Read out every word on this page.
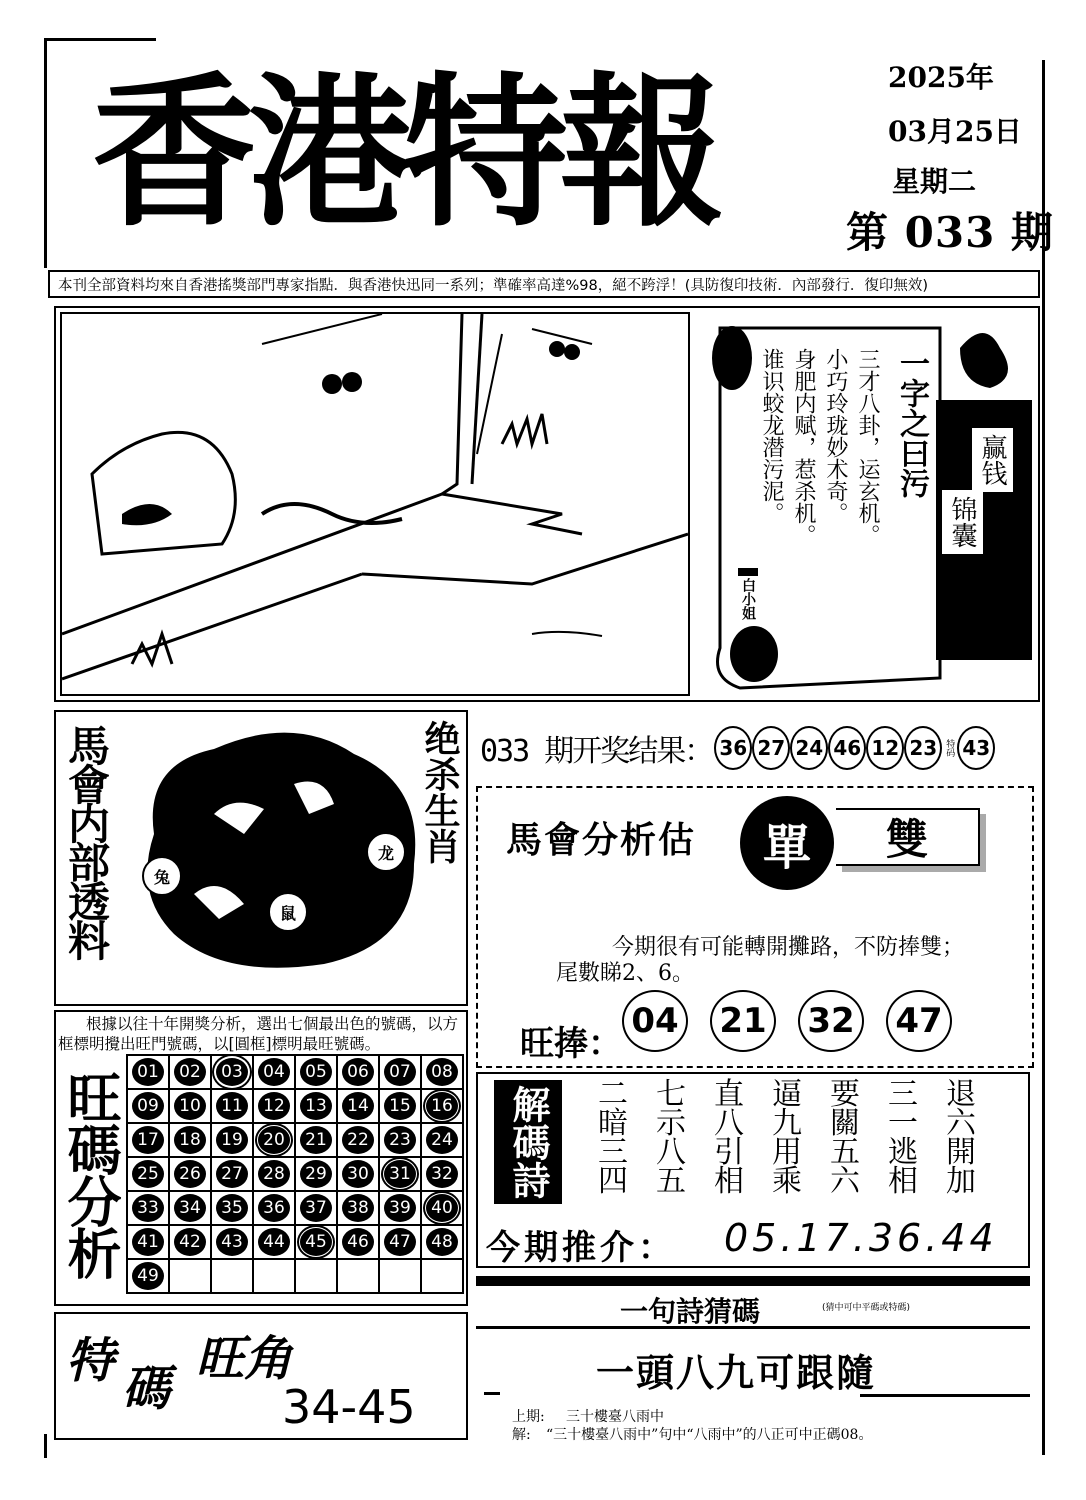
香港特報	2025年
03月25日
星期二
第 033 期
本刊全部資料均來自香港搖獎部門專家指點．與香港快迅同一系列；準確率高達%98，絕不跨浮！(具防復印技術．內部發行．復印無效)
一字之曰污
三才八卦，运玄机。
小巧玲珑妙术奇。
身肥内赋，惹杀机。
谁识蛟龙潜污泥。
白小姐
赢钱
锦囊
馬會内部透料	绝杀生肖
兔
鼠
龙
033 期开奖结果： 36 27 24 46 12 23 特码 43
馬會分析估	單	雙
今期很有可能轉開攤路，不防捧雙；
尾數睇2、6。
旺捧：
04 21 32 47
根據以往十年開獎分析，選出七個最出色的號碼，以方框標明攪出旺門號碼，以[圓框]標明最旺號碼。
旺碼分析 01	02	03	04	05	06	07	08
09	10	11	12	13	14	15	16
17	18	19	20	21	22	23	24
25	26	27	28	29	30	31	32
33	34	35	36	37	38	39	40
41	42	43	44	45	46	47	48
49
解碼詩	二 七 直 逼 要 三 退
暗 示 八 九 關 一 六
三 八 引 用 五 逃 開
四 五 相 乘 六 相 加
今期推介： 05.17.36.44
一句詩猜碼	(猜中可中平碼或特碼)
一頭八九可跟隨
上期: 三十樓臺八雨中
解: “三十樓臺八雨中”句中“八雨中”的八正可中正碼08。
特 碼
旺角
34-45
